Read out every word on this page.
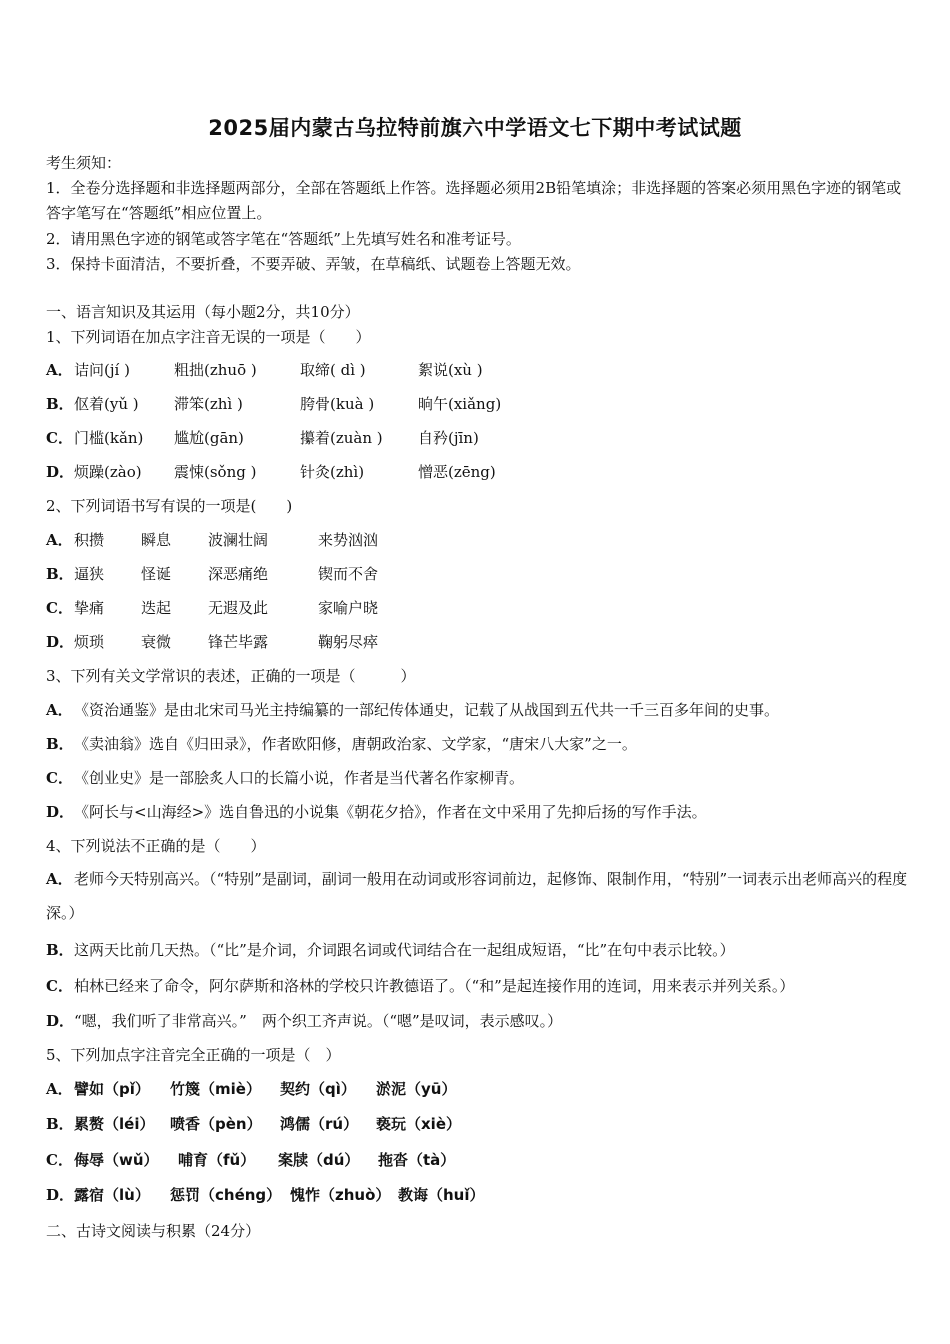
2025届内蒙古乌拉特前旗六中学语文七下期中考试试题
考生须知：
1．全卷分选择题和非选择题两部分，全部在答题纸上作答。选择题必须用2B铅笔填涂；非选择题的答案必须用黑色字迹的钢笔或答字笔写在“答题纸”相应位置上。
2．请用黑色字迹的钢笔或答字笔在“答题纸”上先填写姓名和准考证号。
3．保持卡面清洁，不要折叠，不要弄破、弄皱，在草稿纸、试题卷上答题无效。
一、语言知识及其运用（每小题2分，共10分）
1、下列词语在加点字注音无误的一项是（　　）
A．诘问(jí )	粗拙(zhuō )	取缔( dì )	絮说(xù )
B．伛着(yǔ ) 滞笨(zhì )	胯骨(kuà )	晌午(xiǎng)
C．门槛(kǎn) 尴尬(gān)	攥着(zuàn ) 自矜(jīn)
D．烦躁(zào) 震悚(sǒng )	针灸(zhì)	憎恶(zēng)
2、下列词语书写有误的一项是(　　)
A．积攒 瞬息 波澜壮阔	来势汹汹
B．逼狭 怪诞 深恶痛绝	锲而不舍
C．挚痛 迭起 无遐及此	家喻户晓
D．烦琐 衰微 锋芒毕露	鞠躬尽瘁
3、下列有关文学常识的表述，正确的一项是（　　　）
A．《资治通鉴》是由北宋司马光主持编纂的一部纪传体通史，记载了从战国到五代共一千三百多年间的史事。
B．《卖油翁》选自《归田录》，作者欧阳修，唐朝政治家、文学家，“唐宋八大家”之一。
C．《创业史》是一部脍炙人口的长篇小说，作者是当代著名作家柳青。
D．《阿长与<山海经>》选自鲁迅的小说集《朝花夕拾》，作者在文中采用了先抑后扬的写作手法。
4、下列说法不正确的是（　　）
A．老师今天特别高兴。（“特别”是副词，副词一般用在动词或形容词前边，起修饰、限制作用，“特别”一词表示出老师高兴的程度深。）
B．这两天比前几天热。（“比”是介词，介词跟名词或代词结合在一起组成短语，“比”在句中表示比较。）
C．柏林已经来了命令，阿尔萨斯和洛林的学校只许教德语了。（“和”是起连接作用的连词，用来表示并列关系。）
D．“嗯，我们听了非常高兴。”　两个织工齐声说。（“嗯”是叹词，表示感叹。）
5、下列加点字注音完全正确的一项是（　）
A．譬如（pǐ） 竹篾（miè） 契约（qì） 淤泥（yū）
B．累赘（léi） 喷香（pèn） 鸿儒（rú） 亵玩（xiè）
C．侮辱（wǔ） 哺育（fǔ） 案牍（dú） 拖沓（tà）
D．露宿（lù） 惩罚（chéng） 愧怍（zhuò） 教诲（huǐ）
二、古诗文阅读与积累（24分）
